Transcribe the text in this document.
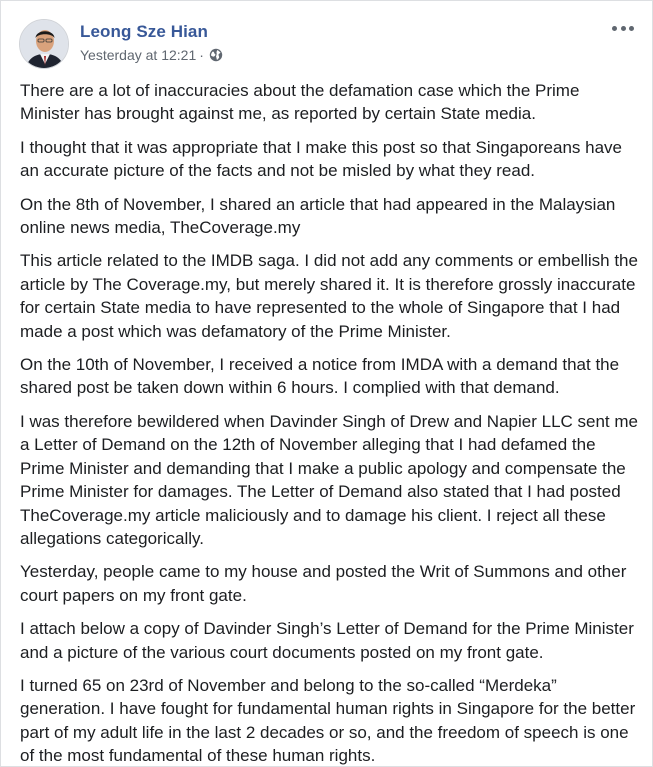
Leong Sze Hian
Yesterday at 12:21 ·

There are a lot of inaccuracies about the defamation case which the Prime Minister has brought against me, as reported by certain State media.

I thought that it was appropriate that I make this post so that Singaporeans have an accurate picture of the facts and not be misled by what they read.

On the 8th of November, I shared an article that had appeared in the Malaysian online news media, TheCoverage.my

This article related to the IMDB saga. I did not add any comments or embellish the article by The Coverage.my, but merely shared it. It is therefore grossly inaccurate for certain State media to have represented to the whole of Singapore that I had made a post which was defamatory of the Prime Minister.

On the 10th of November, I received a notice from IMDA with a demand that the shared post be taken down within 6 hours. I complied with that demand.

I was therefore bewildered when Davinder Singh of Drew and Napier LLC sent me a Letter of Demand on the 12th of November alleging that I had defamed the Prime Minister and demanding that I make a public apology and compensate the Prime Minister for damages. The Letter of Demand also stated that I had posted TheCoverage.my article maliciously and to damage his client. I reject all these allegations categorically.

Yesterday, people came to my house and posted the Writ of Summons and other court papers on my front gate.

I attach below a copy of Davinder Singh’s Letter of Demand for the Prime Minister and a picture of the various court documents posted on my front gate.

I turned 65 on 23rd of November and belong to the so-called “Merdeka” generation. I have fought for fundamental human rights in Singapore for the better part of my adult life in the last 2 decades or so, and the freedom of speech is one of the most fundamental of these human rights.
